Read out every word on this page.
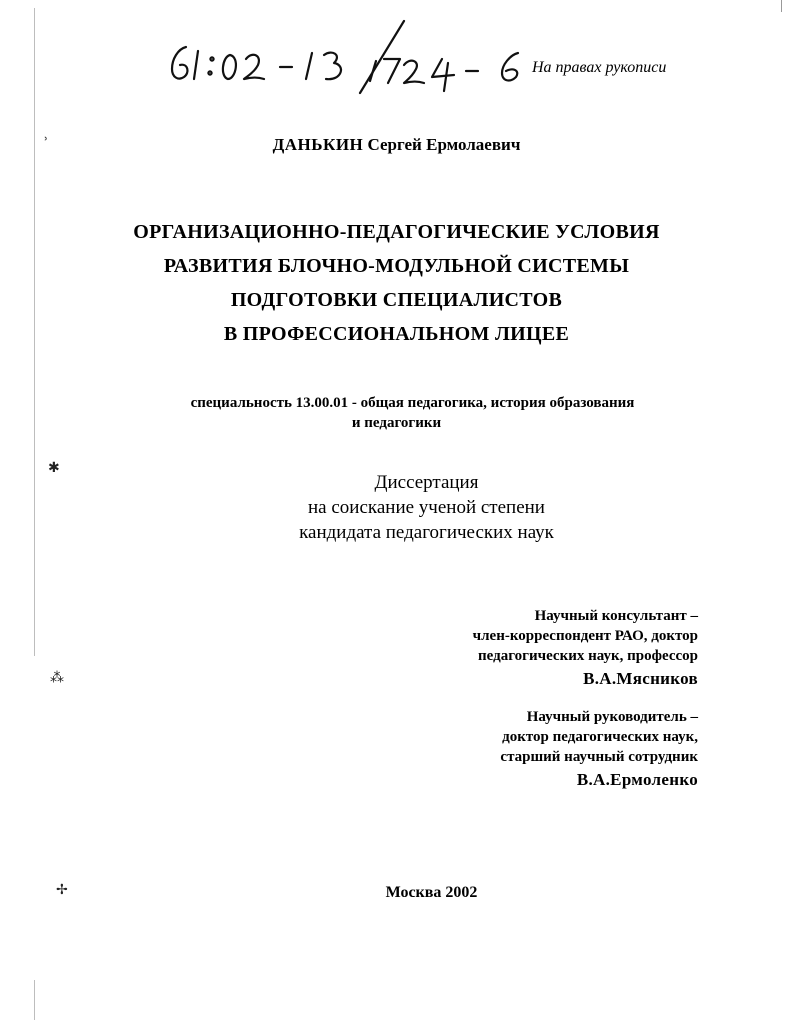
На правах рукописи
ДАНЬКИН Сергей Ермолаевич
ОРГАНИЗАЦИОННО-ПЕДАГОГИЧЕСКИЕ УСЛОВИЯ
РАЗВИТИЯ БЛОЧНО-МОДУЛЬНОЙ СИСТЕМЫ
ПОДГОТОВКИ СПЕЦИАЛИСТОВ
В ПРОФЕССИОНАЛЬНОМ ЛИЦЕЕ
специальность 13.00.01 - общая педагогика, история образования
и педагогики
Диссертация
на соискание ученой степени
кандидата педагогических наук
Научный консультант –
член-корреспондент РАО, доктор
педагогических наук, профессор
В.А.Мясников
Научный руководитель –
доктор педагогических наук,
старший научный сотрудник
В.А.Ермоленко
Москва 2002
˒
✱
⁂
✢
